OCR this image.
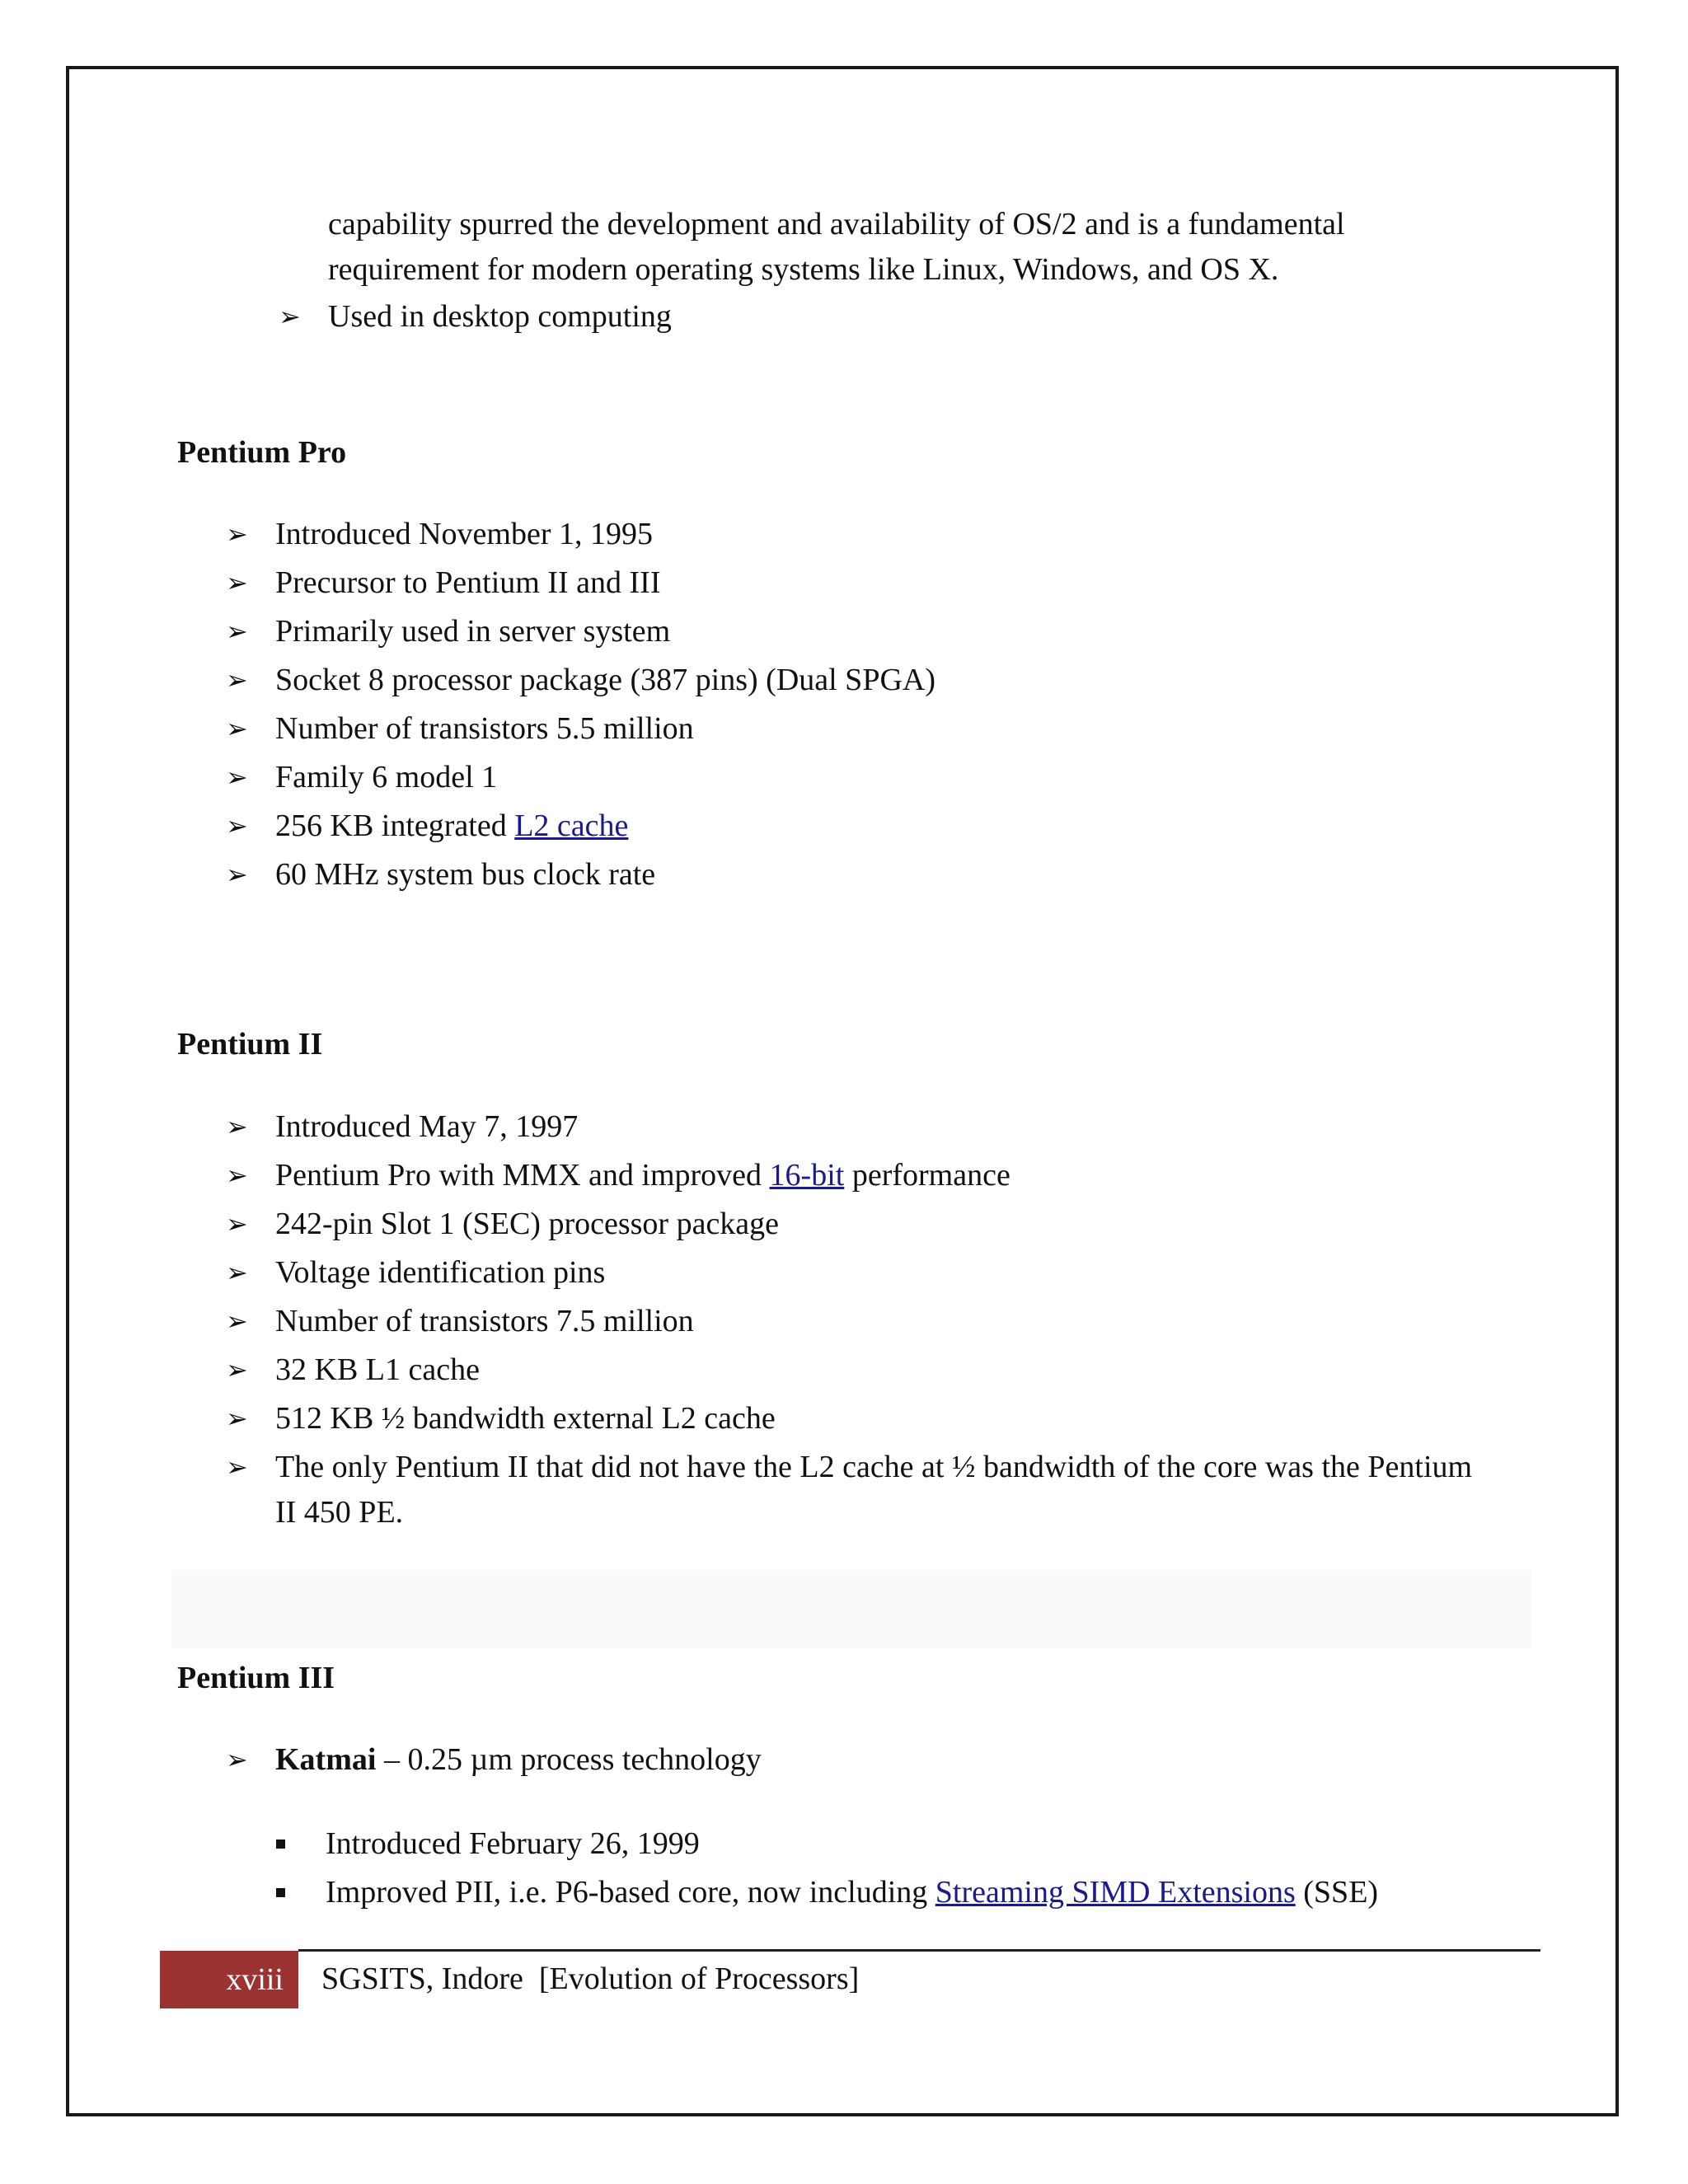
capability spurred the development and availability of OS/2 and is a fundamental
requirement for modern operating systems like Linux, Windows, and OS X.
➢ Used in desktop computing
Pentium Pro
➢ Introduced November 1, 1995
➢ Precursor to Pentium II and III
➢ Primarily used in server system
➢ Socket 8 processor package (387 pins) (Dual SPGA)
➢ Number of transistors 5.5 million
➢ Family 6 model 1
➢ 256 KB integrated L2 cache
➢ 60 MHz system bus clock rate
Pentium II
➢ Introduced May 7, 1997
➢ Pentium Pro with MMX and improved 16-bit performance
➢ 242-pin Slot 1 (SEC) processor package
➢ Voltage identification pins
➢ Number of transistors 7.5 million
➢ 32 KB L1 cache
➢ 512 KB ½ bandwidth external L2 cache
➢ The only Pentium II that did not have the L2 cache at ½ bandwidth of the core was the Pentium II 450 PE.
Pentium III
➢ Katmai – 0.25 µm process technology
Introduced February 26, 1999
Improved PII, i.e. P6-based core, now including Streaming SIMD Extensions (SSE)
xviii	SGSITS, Indore  [Evolution of Processors]
